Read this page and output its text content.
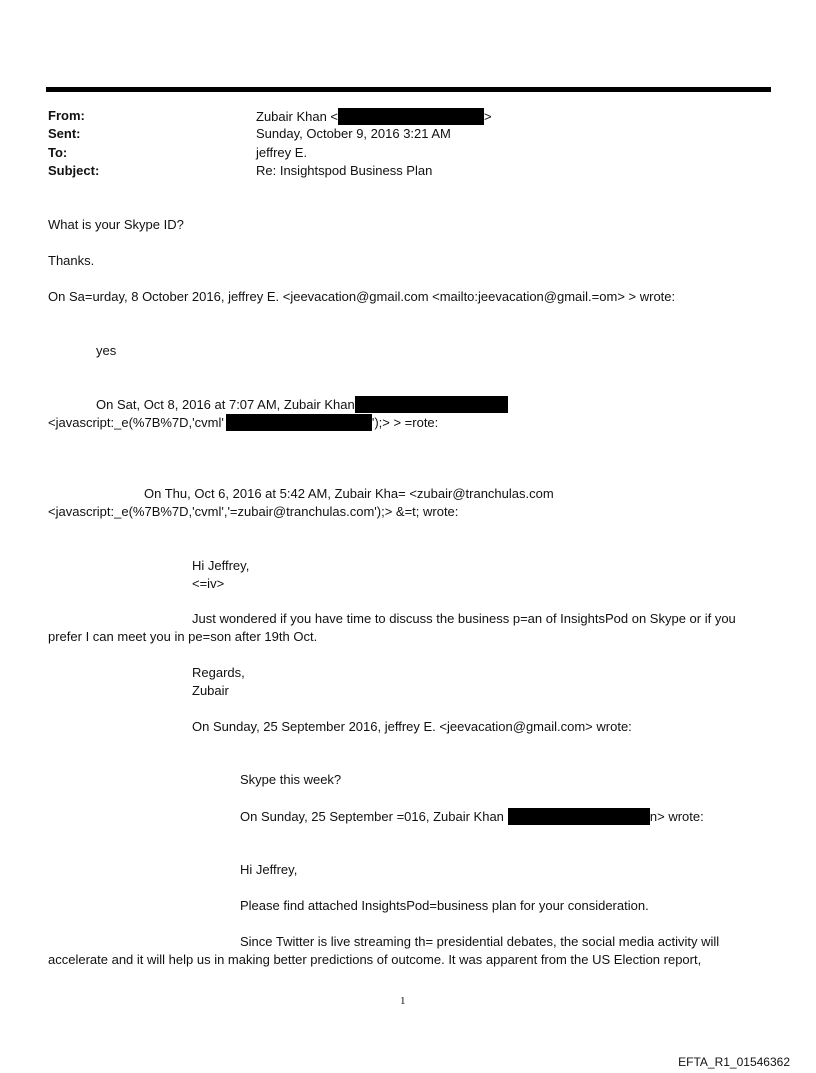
From:	Zubair Khan <	>
Sent:	Sunday, October 9, 2016 3:21 AM
To:	jeffrey E.
Subject:	Re: Insightspod Business Plan
What is your Skype ID?
Thanks.
On Sa=urday, 8 October 2016, jeffrey E. <jeevacation@gmail.com <mailto:jeevacation@gmail.=om> > wrote:
yes
On Sat, Oct 8, 2016 at 7:07 AM, Zubair Khan
<javascript:_e(%7B%7D,'cvml'	');> > =rote:
On Thu, Oct 6, 2016 at 5:42 AM, Zubair Kha= <zubair@tranchulas.com
<javascript:_e(%7B%7D,'cvml','=zubair@tranchulas.com');> &=t; wrote:
Hi Jeffrey,
<=iv>
Just wondered if you have time to discuss the business p=an of InsightsPod on Skype or if you
prefer I can meet you in pe=son after 19th Oct.
Regards,
Zubair
On Sunday, 25 September 2016, jeffrey E. <jeevacation@gmail.com> wrote:
Skype this week?
On Sunday, 25 September =016, Zubair Khan	n> wrote:
Hi Jeffrey,
Please find attached InsightsPod=business plan for your consideration.
Since Twitter is live streaming th= presidential debates, the social media activity will
accelerate and it will help us in making better predictions of outcome. It was apparent from the US Election report,
1
EFTA_R1_01546362
